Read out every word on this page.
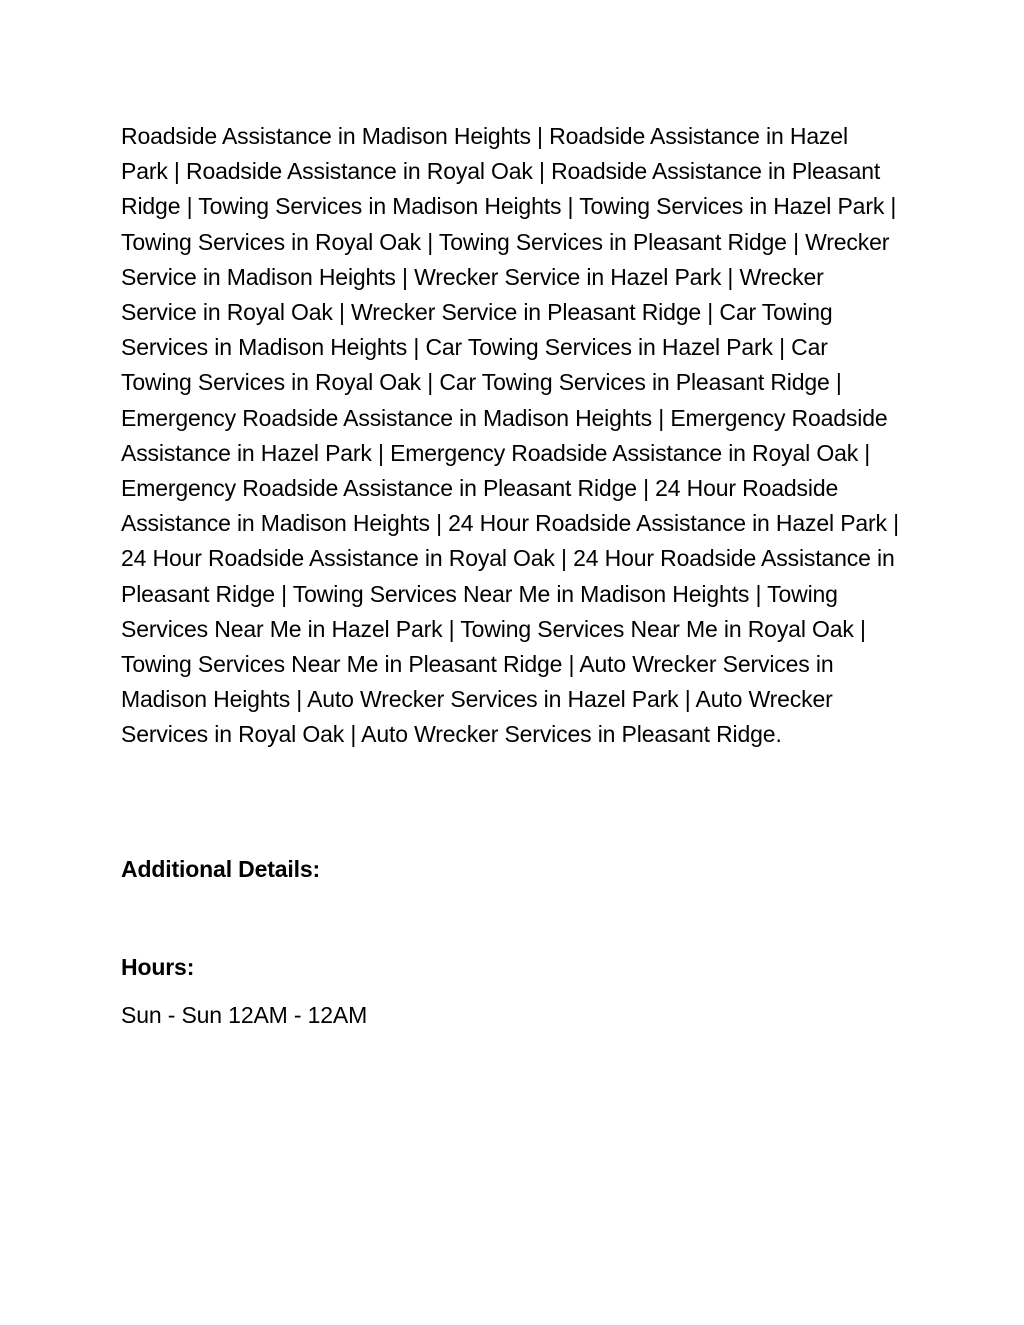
Roadside Assistance in Madison Heights | Roadside Assistance in Hazel Park | Roadside Assistance in Royal Oak | Roadside Assistance in Pleasant Ridge | Towing Services in Madison Heights | Towing Services in Hazel Park | Towing Services in Royal Oak | Towing Services in Pleasant Ridge | Wrecker Service in Madison Heights | Wrecker Service in Hazel Park | Wrecker Service in Royal Oak | Wrecker Service in Pleasant Ridge | Car Towing Services in Madison Heights | Car Towing Services in Hazel Park | Car Towing Services in Royal Oak | Car Towing Services in Pleasant Ridge | Emergency Roadside Assistance in Madison Heights | Emergency Roadside Assistance in Hazel Park | Emergency Roadside Assistance in Royal Oak | Emergency Roadside Assistance in Pleasant Ridge | 24 Hour Roadside Assistance in Madison Heights | 24 Hour Roadside Assistance in Hazel Park | 24 Hour Roadside Assistance in Royal Oak | 24 Hour Roadside Assistance in Pleasant Ridge | Towing Services Near Me in Madison Heights | Towing Services Near Me in Hazel Park | Towing Services Near Me in Royal Oak | Towing Services Near Me in Pleasant Ridge | Auto Wrecker Services in Madison Heights | Auto Wrecker Services in Hazel Park | Auto Wrecker Services in Royal Oak | Auto Wrecker Services in Pleasant Ridge.

Additional Details:
Hours:

Sun - Sun 12AM - 12AM
